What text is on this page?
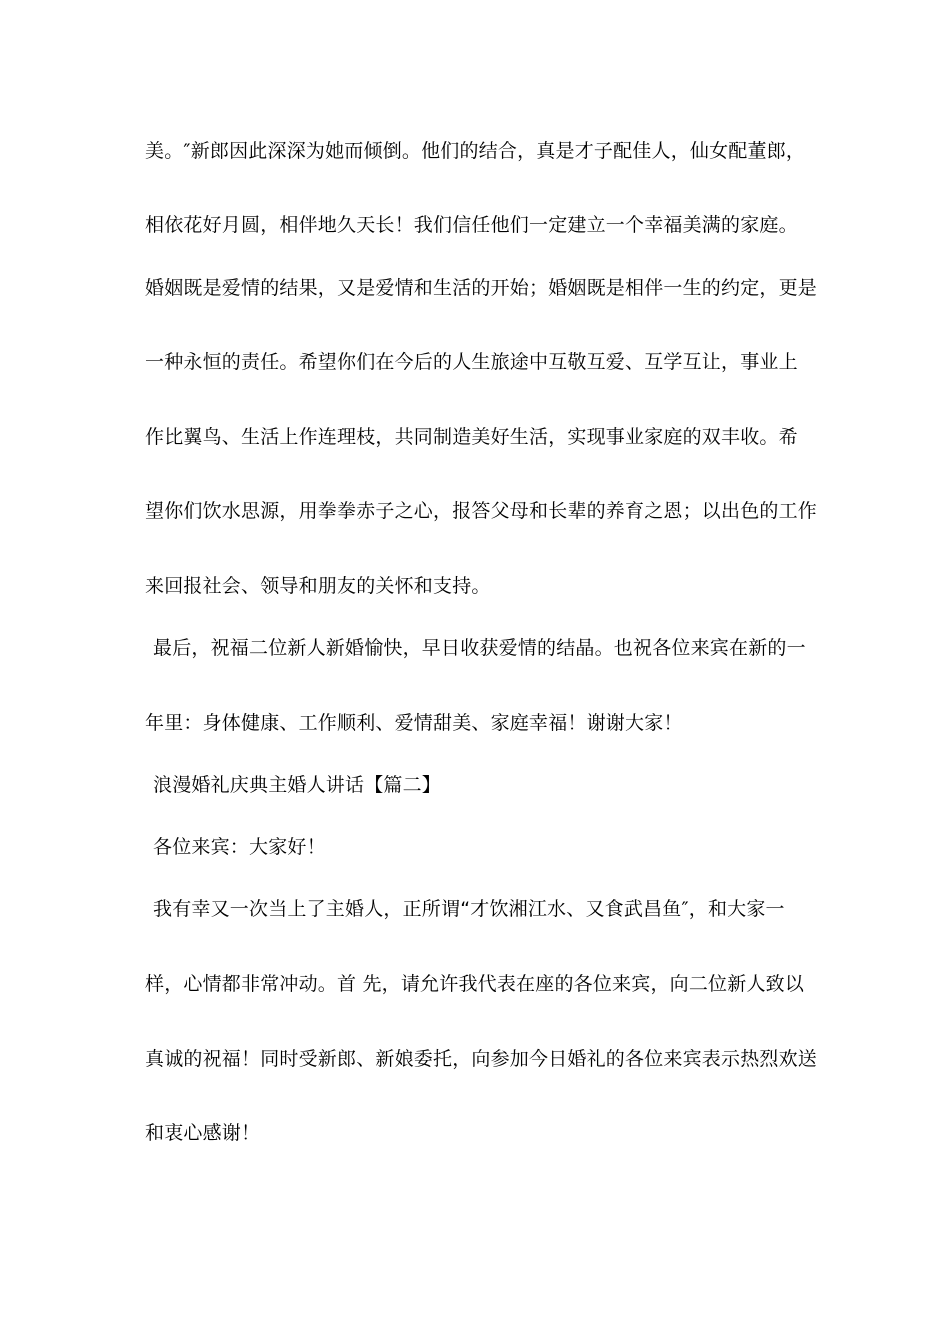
美。″新郎因此深深为她而倾倒。他们的结合，真是才子配佳人，仙女配董郎，
相依花好月圆，相伴地久天长！我们信任他们一定建立一个幸福美满的家庭。
婚姻既是爱情的结果，又是爱情和生活的开始；婚姻既是相伴一生的约定，更是
一种永恒的责任。希望你们在今后的人生旅途中互敬互爱、互学互让，事业上
作比翼鸟、生活上作连理枝，共同制造美好生活，实现事业家庭的双丰收。希
望你们饮水思源，用拳拳赤子之心，报答父母和长辈的养育之恩；以出色的工作
来回报社会、领导和朋友的关怀和支持。
最后，祝福二位新人新婚愉快，早日收获爱情的结晶。也祝各位来宾在新的一
年里：身体健康、工作顺利、爱情甜美、家庭幸福！谢谢大家！
浪漫婚礼庆典主婚人讲话【篇二】
各位来宾：大家好！
我有幸又一次当上了主婚人，正所谓“才饮湘江水、又食武昌鱼″，和大家一
样，心情都非常冲动。首 先，请允许我代表在座的各位来宾，向二位新人致以
真诚的祝福！同时受新郎、新娘委托，向参加今日婚礼的各位来宾表示热烈欢送
和衷心感谢！
